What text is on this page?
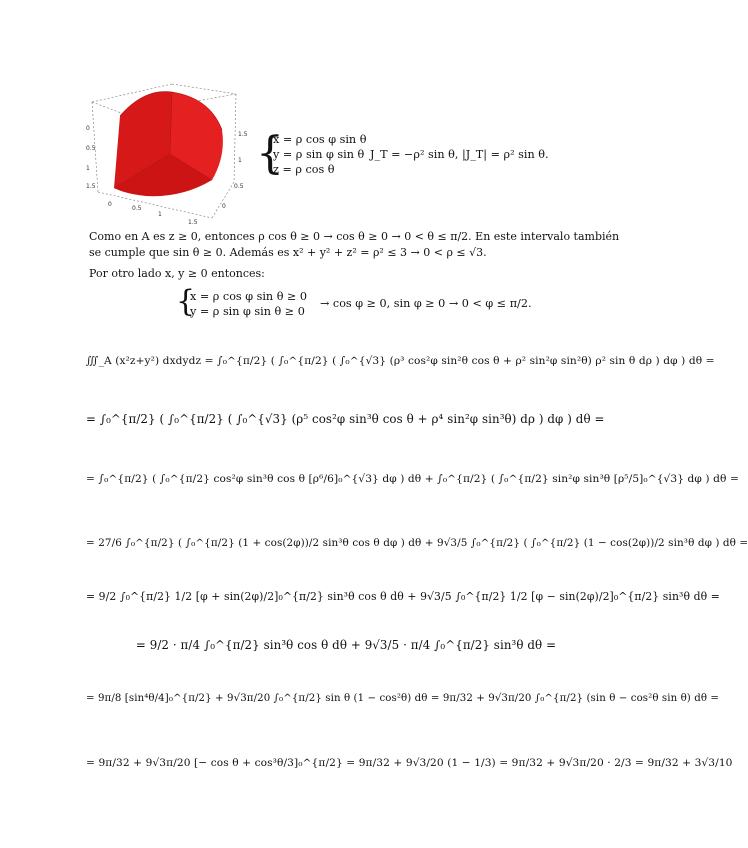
0
0.5
1
1.5
0
0.5
1
1.5
0
0.5
1
1.5 {
x = ρ cos φ sin θ
y = ρ sin φ sin θ
z = ρ cos θ
J_T = −ρ² sin θ, |J_T| = ρ² sin θ.
Como en A es z ≥ 0, entonces ρ cos θ ≥ 0 → cos θ ≥ 0 → 0 < θ ≤ π/2. En este intervalo también
se cumple que sin θ ≥ 0. Además es x² + y² + z² = ρ² ≤ 3 → 0 < ρ ≤ √3.
Por otro lado x, y ≥ 0 entonces:
{
x = ρ cos φ sin θ ≥ 0
y = ρ sin φ sin θ ≥ 0
→ cos φ ≥ 0, sin φ ≥ 0 → 0 < φ ≤ π/2.
∭_A (x²z+y²) dxdydz = ∫₀^{π/2} ( ∫₀^{π/2} ( ∫₀^{√3} (ρ³ cos²φ sin²θ cos θ + ρ² sin²φ sin²θ) ρ² sin θ dρ ) dφ ) dθ =
= ∫₀^{π/2} ( ∫₀^{π/2} ( ∫₀^{√3} (ρ⁵ cos²φ sin³θ cos θ + ρ⁴ sin²φ sin³θ) dρ ) dφ ) dθ =
= ∫₀^{π/2} ( ∫₀^{π/2} cos²φ sin³θ cos θ [ρ⁶/6]₀^{√3} dφ ) dθ + ∫₀^{π/2} ( ∫₀^{π/2} sin²φ sin³θ [ρ⁵/5]₀^{√3} dφ ) dθ =
= 27/6 ∫₀^{π/2} ( ∫₀^{π/2} (1 + cos(2φ))/2 sin³θ cos θ dφ ) dθ + 9√3/5 ∫₀^{π/2} ( ∫₀^{π/2} (1 − cos(2φ))/2 sin³θ dφ ) dθ =
= 9/2 ∫₀^{π/2} 1/2 [φ + sin(2φ)/2]₀^{π/2} sin³θ cos θ dθ + 9√3/5 ∫₀^{π/2} 1/2 [φ − sin(2φ)/2]₀^{π/2} sin³θ dθ =
= 9/2 · π/4 ∫₀^{π/2} sin³θ cos θ dθ + 9√3/5 · π/4 ∫₀^{π/2} sin³θ dθ =
= 9π/8 [sin⁴θ/4]₀^{π/2} + 9√3π/20 ∫₀^{π/2} sin θ (1 − cos²θ) dθ = 9π/32 + 9√3π/20 ∫₀^{π/2} (sin θ − cos²θ sin θ) dθ =
= 9π/32 + 9√3π/20 [− cos θ + cos³θ/3]₀^{π/2} = 9π/32 + 9√3/20 (1 − 1/3) = 9π/32 + 9√3π/20 · 2/3 = 9π/32 + 3√3/10
